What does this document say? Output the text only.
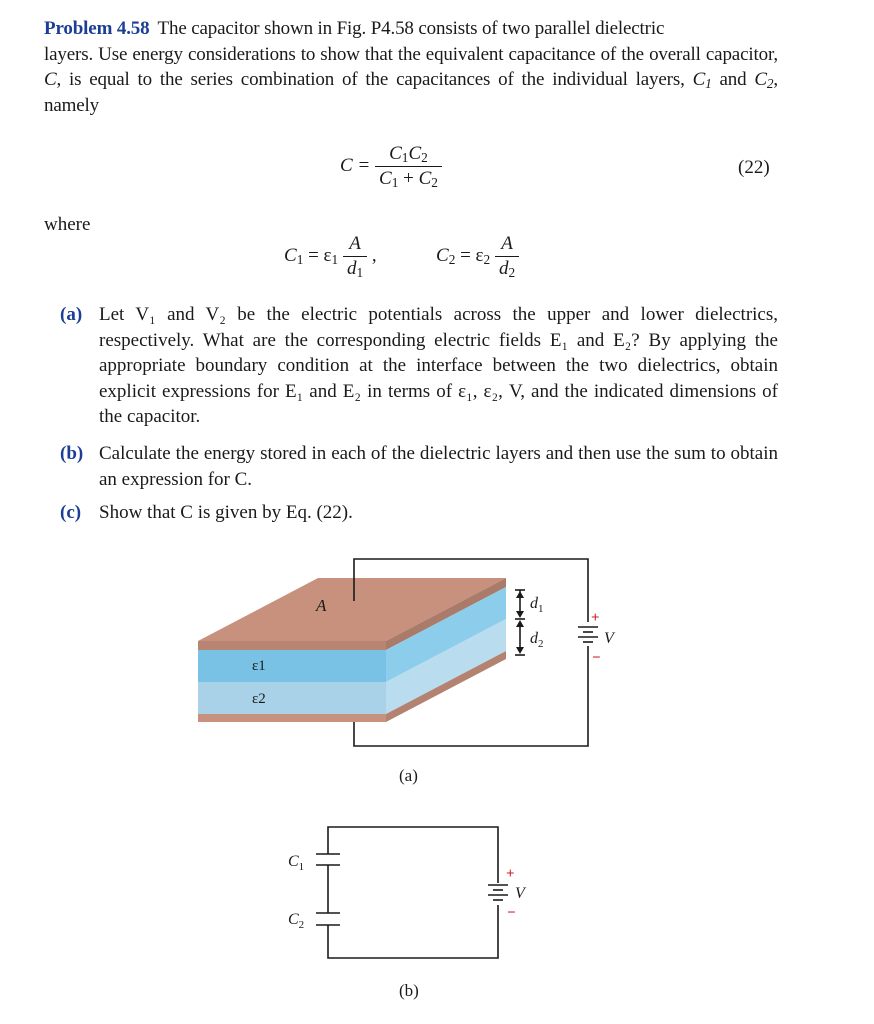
Problem 4.58 The capacitor shown in Fig. P4.58 consists of two parallel dielectric
layers. Use energy considerations to show that the equivalent capacitance of the overall capacitor, C, is equal to the series combination of the capacitances of the individual layers, $C_1$ and $C_2$, namely
$C = \frac{C_1C_2}{C_1 + C_2}$	(22)
where
$C_1 = \varepsilon_1 \frac{A}{d_1}$ ,	$C_2 = \varepsilon_2 \frac{A}{d_2}$
(a) Let V₁ and V₂ be the electric potentials across the upper and lower dielectrics, respectively. What are the corresponding electric fields E₁ and E₂? By applying the appropriate boundary condition at the interface between the two dielectrics, obtain explicit expressions for E₁ and E₂ in terms of ε₁, ε₂, V, and the indicated dimensions of the capacitor.
(b) Calculate the energy stored in each of the dielectric layers and then use the sum to obtain an expression for C.
(c) Show that C is given by Eq. (22).
A
ε1
ε2
$d_1$
$d_2$
+
−
V
$C_1$
$C_2$
+
−
V
(a)
(b)
